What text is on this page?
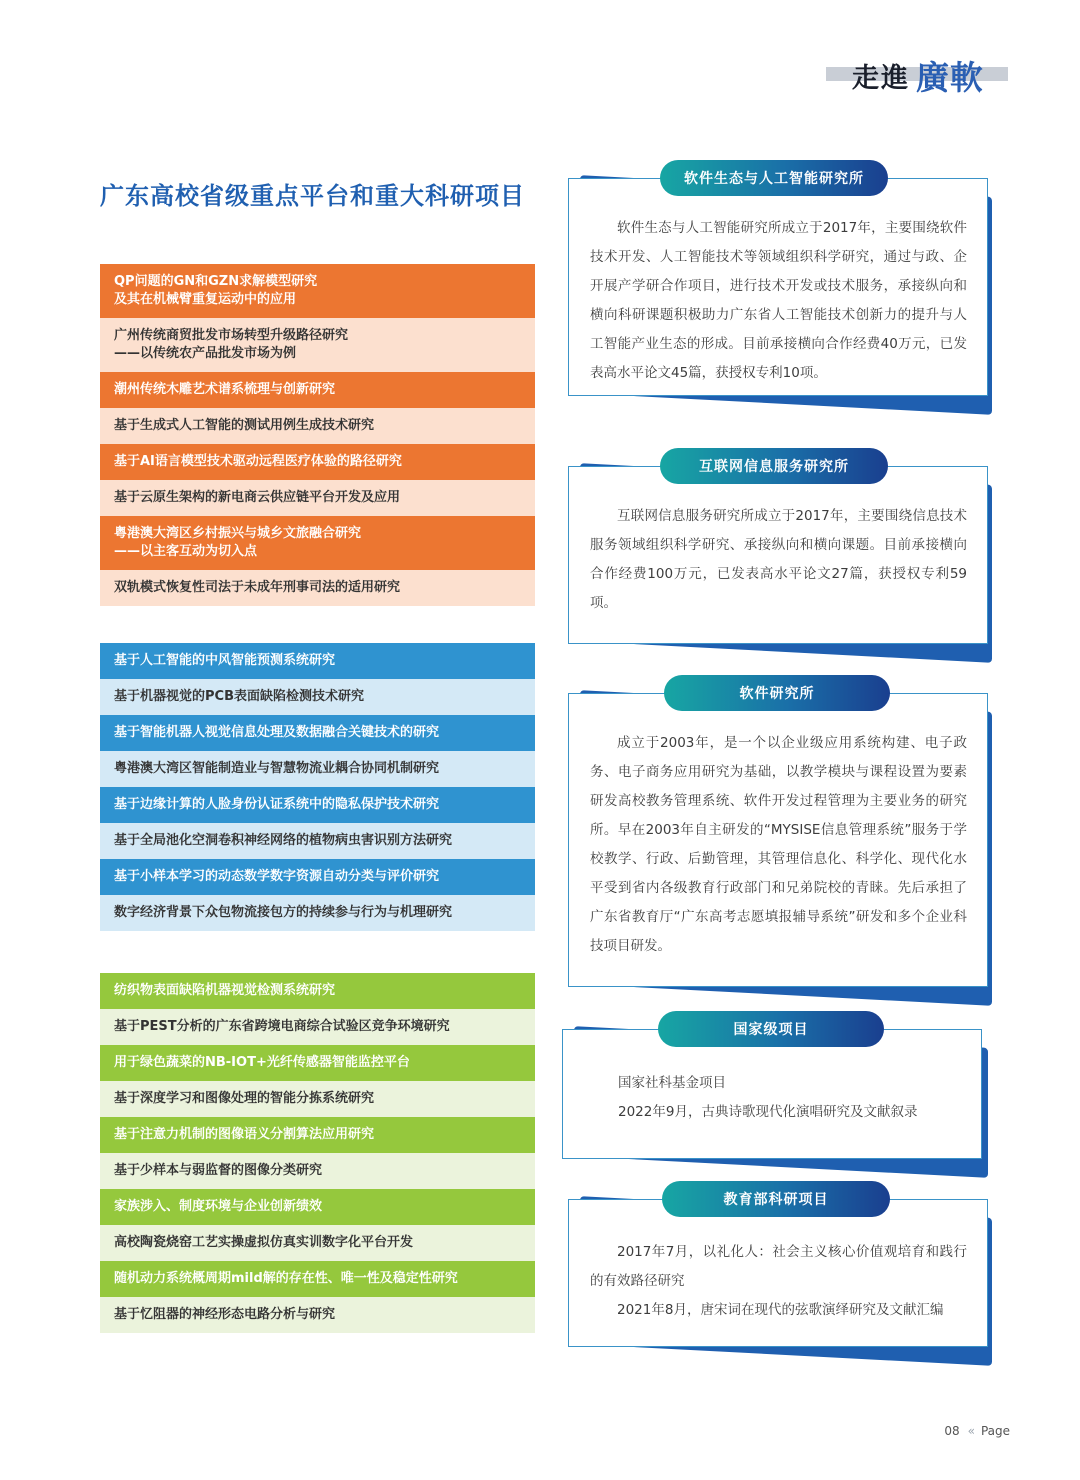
走進 廣軟
广东高校省级重点平台和重大科研项目
QP问题的GN和GZN求解模型研究
及其在机械臂重复运动中的应用
广州传统商贸批发市场转型升级路径研究
——以传统农产品批发市场为例
潮州传统木雕艺术谱系梳理与创新研究
基于生成式人工智能的测试用例生成技术研究
基于AI语言模型技术驱动远程医疗体验的路径研究
基于云原生架构的新电商云供应链平台开发及应用
粤港澳大湾区乡村振兴与城乡文旅融合研究
——以主客互动为切入点
双轨模式恢复性司法于未成年刑事司法的适用研究
基于人工智能的中风智能预测系统研究
基于机器视觉的PCB表面缺陷检测技术研究
基于智能机器人视觉信息处理及数据融合关键技术的研究
粤港澳大湾区智能制造业与智慧物流业耦合协同机制研究
基于边缘计算的人脸身份认证系统中的隐私保护技术研究
基于全局池化空洞卷积神经网络的植物病虫害识别方法研究
基于小样本学习的动态数学数字资源自动分类与评价研究
数字经济背景下众包物流接包方的持续参与行为与机理研究
纺织物表面缺陷机器视觉检测系统研究
基于PEST分析的广东省跨境电商综合试验区竞争环境研究
用于绿色蔬菜的NB-IOT+光纤传感器智能监控平台
基于深度学习和图像处理的智能分拣系统研究
基于注意力机制的图像语义分割算法应用研究
基于少样本与弱监督的图像分类研究
家族涉入、制度环境与企业创新绩效
高校陶瓷烧窑工艺实操虚拟仿真实训数字化平台开发
随机动力系统概周期mild解的存在性、唯一性及稳定性研究
基于忆阻器的神经形态电路分析与研究
软件生态与人工智能研究所

软件生态与人工智能研究所成立于2017年，主要围绕软件技术开发、人工智能技术等领域组织科学研究，通过与政、企开展产学研合作项目，进行技术开发或技术服务，承接纵向和横向科研课题积极助力广东省人工智能技术创新力的提升与人工智能产业生态的形成。目前承接横向合作经费40万元，已发表高水平论文45篇，获授权专利10项。

互联网信息服务研究所

互联网信息服务研究所成立于2017年，主要围绕信息技术服务领域组织科学研究、承接纵向和横向课题。目前承接横向合作经费100万元，已发表高水平论文27篇，获授权专利59项。

软件研究所

成立于2003年，是一个以企业级应用系统构建、电子政务、电子商务应用研究为基础，以教学模块与课程设置为要素研发高校教务管理系统、软件开发过程管理为主要业务的研究所。早在2003年自主研发的“MYSISE信息管理系统”服务于学校教学、行政、后勤管理，其管理信息化、科学化、现代化水平受到省内各级教育行政部门和兄弟院校的青睐。先后承担了广东省教育厅“广东高考志愿填报辅导系统”研发和多个企业科技项目研发。

国家级项目

国家社科基金项目

2022年9月，古典诗歌现代化演唱研究及文献叙录

教育部科研项目

2017年7月，以礼化人：社会主义核心价值观培育和践行的有效路径研究

2021年8月，唐宋词在现代的弦歌演绎研究及文献汇编

08 « Page
